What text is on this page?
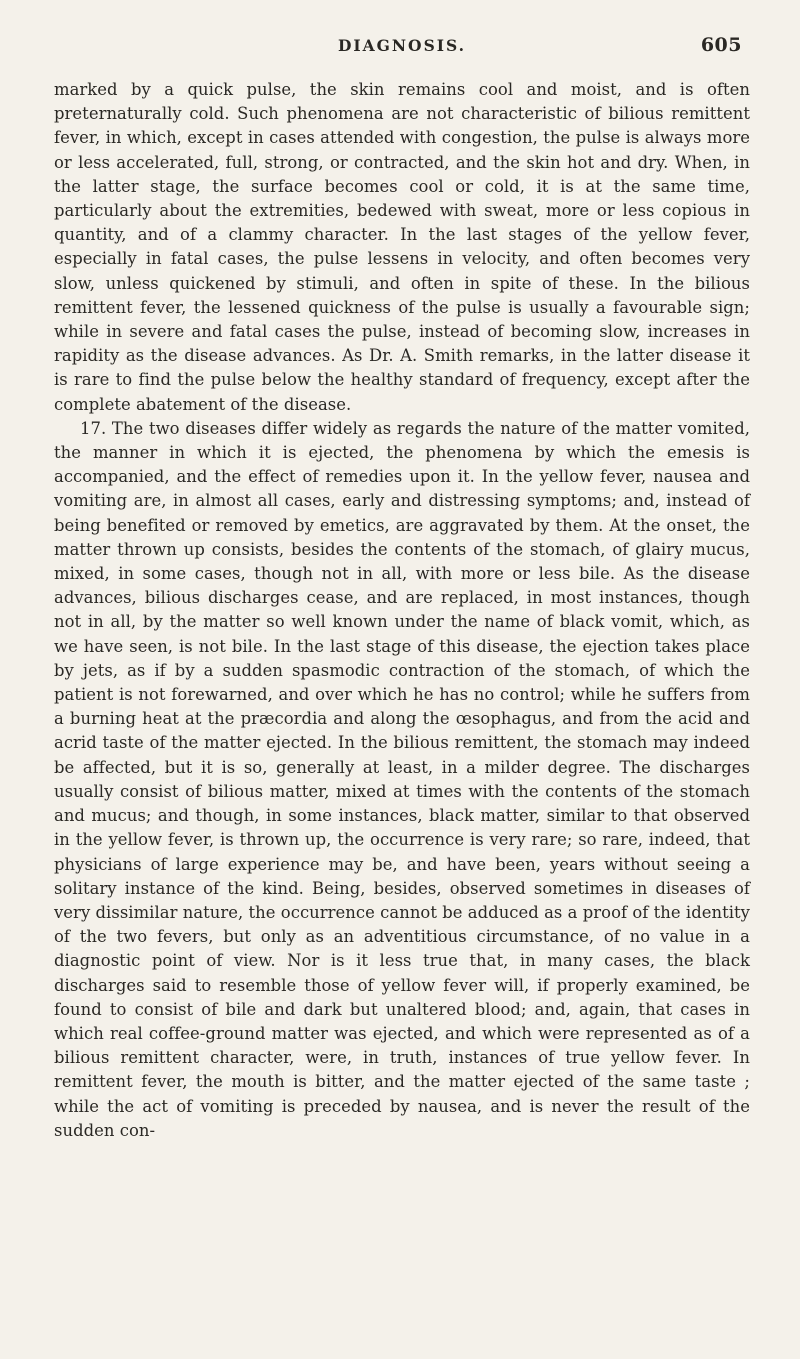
DIAGNOSIS.	605

marked by a quick pulse, the skin remains cool and moist, and is often preternaturally cold. Such phenomena are not characteristic of bilious remittent fever, in which, except in cases attended with congestion, the pulse is always more or less accelerated, full, strong, or contracted, and the skin hot and dry. When, in the latter stage, the surface becomes cool or cold, it is at the same time, particularly about the extremities, bedewed with sweat, more or less copious in quantity, and of a clammy character. In the last stages of the yellow fever, especially in fatal cases, the pulse lessens in velocity, and often becomes very slow, unless quickened by stimuli, and often in spite of these. In the bilious remittent fever, the lessened quickness of the pulse is usually a favourable sign; while in severe and fatal cases the pulse, instead of becoming slow, increases in rapidity as the disease advances. As Dr. A. Smith remarks, in the latter disease it is rare to find the pulse below the healthy standard of frequency, except after the complete abatement of the disease.

17. The two diseases differ widely as regards the nature of the matter vomited, the manner in which it is ejected, the phenomena by which the emesis is accompanied, and the effect of remedies upon it. In the yellow fever, nausea and vomiting are, in almost all cases, early and distressing symptoms; and, instead of being benefited or removed by emetics, are aggravated by them. At the onset, the matter thrown up consists, besides the contents of the stomach, of glairy mucus, mixed, in some cases, though not in all, with more or less bile. As the disease advances, bilious discharges cease, and are replaced, in most instances, though not in all, by the matter so well known under the name of black vomit, which, as we have seen, is not bile. In the last stage of this disease, the ejection takes place by jets, as if by a sudden spasmodic contraction of the stomach, of which the patient is not forewarned, and over which he has no control; while he suffers from a burning heat at the præcordia and along the œsophagus, and from the acid and acrid taste of the matter ejected. In the bilious remittent, the stomach may indeed be affected, but it is so, generally at least, in a milder degree. The discharges usually consist of bilious matter, mixed at times with the contents of the stomach and mucus; and though, in some instances, black matter, similar to that observed in the yellow fever, is thrown up, the occurrence is very rare; so rare, indeed, that physicians of large experience may be, and have been, years without seeing a solitary instance of the kind. Being, besides, observed sometimes in diseases of very dissimilar nature, the occurrence cannot be adduced as a proof of the identity of the two fevers, but only as an adventitious circumstance, of no value in a diagnostic point of view. Nor is it less true that, in many cases, the black discharges said to resemble those of yellow fever will, if properly examined, be found to consist of bile and dark but unaltered blood; and, again, that cases in which real coffee-ground matter was ejected, and which were represented as of a bilious remittent character, were, in truth, instances of true yellow fever. In remittent fever, the mouth is bitter, and the matter ejected of the same taste ; while the act of vomiting is preceded by nausea, and is never the result of the sudden con-
